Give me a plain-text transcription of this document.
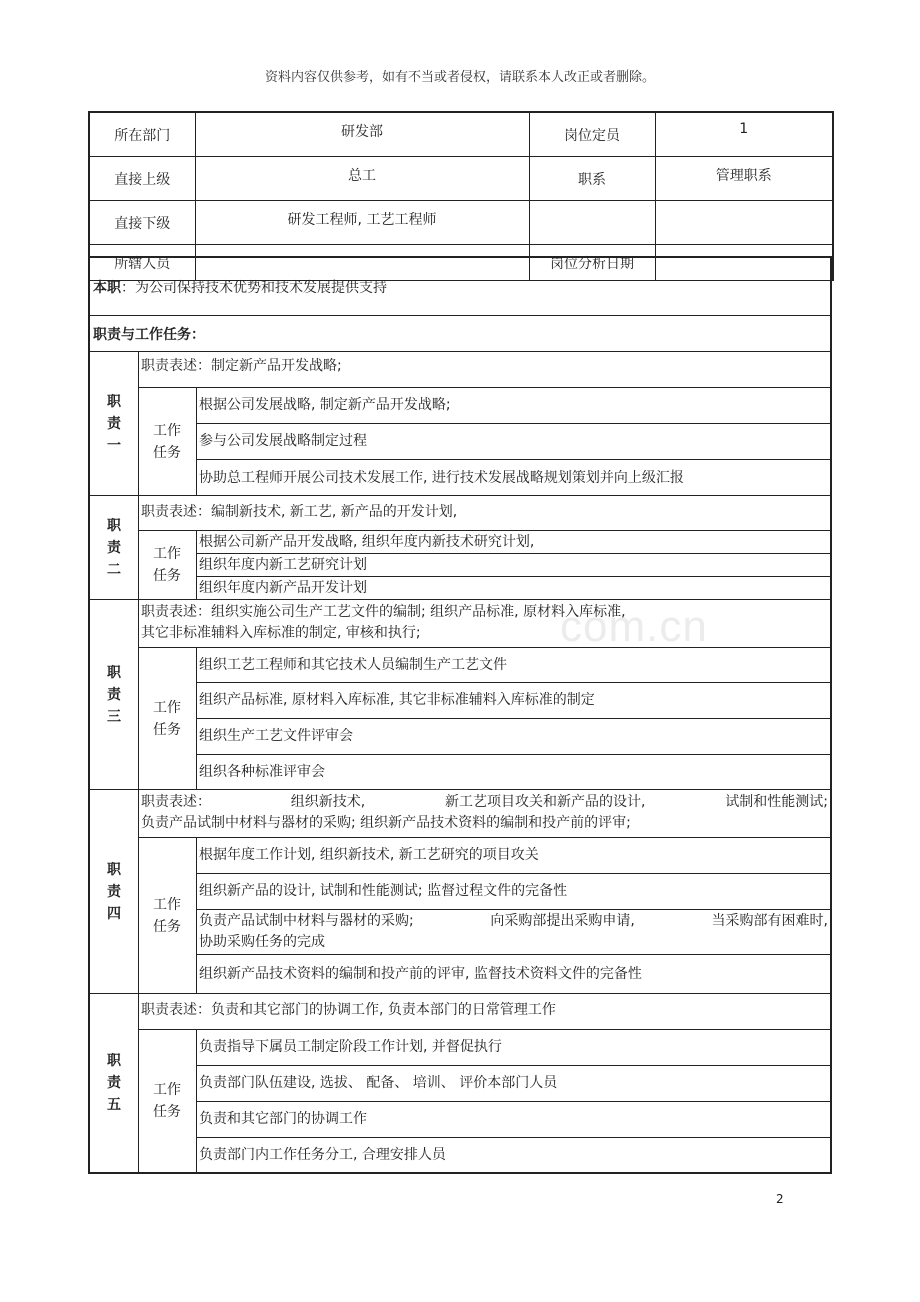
资料内容仅供参考，如有不当或者侵权，请联系本人改正或者删除。
com.cn
所在部门	研发部	岗位定员	1
直接上级	总工	职系	管理职系
直接下级	研发工程师, 工艺工程师		
所辖人员		岗位分析日期	
本职 ： 为公司保持技术优势和技术发展提供支持
职责与工作任务：
职
责
一
职责表述：制定新产品开发战略;
工作
任务
根据公司发展战略, 制定新产品开发战略;
参与公司发展战略制定过程
协助总工程师开展公司技术发展工作, 进行技术发展战略规划策划并向上级汇报
职
责
二
职责表述：编制新技术, 新工艺, 新产品的开发计划,
工作
任务
根据公司新产品开发战略, 组织年度内新技术研究计划,
组织年度内新工艺研究计划
组织年度内新产品开发计划
职
责
三
职责表述：组织实施公司生产工艺文件的编制; 组织产品标准, 原材料入库标准,
其它非标准辅料入库标准的制定, 审核和执行;
工作
任务
组织工艺工程师和其它技术人员编制生产工艺文件
组织产品标准, 原材料入库标准, 其它非标准辅料入库标准的制定
组织生产工艺文件评审会
组织各种标准评审会
职
责
四
职责表述：	组织新技术,	新工艺项目攻关和新产品的设计,	试制和性能测试;
负责产品试制中材料与器材的采购; 组织新产品技术资料的编制和投产前的评审;
工作
任务
根据年度工作计划, 组织新技术, 新工艺研究的项目攻关
组织新产品的设计, 试制和性能测试; 监督过程文件的完备性
负责产品试制中材料与器材的采购;	向采购部提出采购申请,	当采购部有困难时,
协助采购任务的完成
组织新产品技术资料的编制和投产前的评审, 监督技术资料文件的完备性
职
责
五
职责表述：负责和其它部门的协调工作, 负责本部门的日常管理工作
工作
任务
负责指导下属员工制定阶段工作计划, 并督促执行
负责部门队伍建设, 选拔、 配备、 培训、 评价本部门人员
负责和其它部门的协调工作
负责部门内工作任务分工, 合理安排人员
2
